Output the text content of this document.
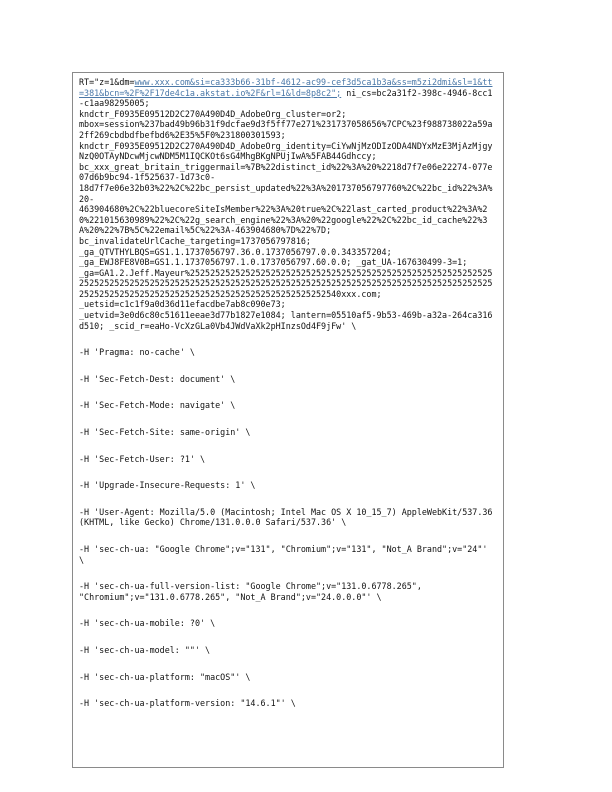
RT="z=1&dm=www.xxx.com&si=ca333b66-31bf-4612-ac99-cef3d5ca1b3a&ss=m5zi2dmi&sl=1&tt=381&bcn=%2F%2F17de4c1a.akstat.io%2F&rl=1&ld=8p8c2"; ni_cs=bc2a31f2-398c-4946-8cc1-c1aa98295005;
kndctr_F0935E09512D2C270A490D4D_AdobeOrg_cluster=or2;
mbox=session%237bad49b96b31f9dcfae9d3f5ff77e271%231737058656%7CPC%23f988738022a59a2ff269cbdbdfbefbd6%2E35%5F0%231800301593;
kndctr_F0935E09512D2C270A490D4D_AdobeOrg_identity=CiYwNjMzODIzODA4NDYxMzE3MjAzMjgyNzQ0OTAyNDcwMjcwNDM5M1IQCKOt6sG4MhgBKgNPUjIwA%5FAB44Gdhccy;
bc_xxx_great_britain_triggermail=%7B%22distinct_id%22%3A%20%2218d7f7e06e22274-077e07d6b9bc94-1f525637-1d73c0-
18d7f7e06e32b03%22%2C%22bc_persist_updated%22%3A%201737056797760%2C%22bc_id%22%3A%20-
463904680%2C%22bluecoreSiteIsMember%22%3A%20true%2C%22last_carted_product%22%3A%20%221015630989%22%2C%22g_search_engine%22%3A%20%22google%22%2C%22bc_id_cache%22%3A%20%22%7B%5C%22email%5C%22%3A-463904680%7D%22%7D;
bc_invalidateUrlCache_targeting=1737056797816;
_ga_QTVTHYLBQS=GS1.1.1737056797.36.0.1737056797.0.0.343357204;
_ga_EWJ8FE8V0B=GS1.1.1737056797.1.0.1737056797.60.0.0; _gat_UA-167630499-3=1;
_ga=GA1.2.Jeff.Mayeur%25252525252525252525252525252525252525252525252525252525252525252525252525252525252525252525252525252525252525252525252525252525252525252525252525252525252525252525252525252525252525252525252540xxx.com;
_uetsid=c1c1f9a0d36d11efacdbe7ab8c090e73;
_uetvid=3e0d6c80c51611eeae3d77b1827e1084; lantern=05510af5-9b53-469b-a32a-264ca316d510; _scid_r=eaHo-VcXzGLa0Vb4JWdVaXk2pHInzsOd4F9jFw' \
-H 'Pragma: no-cache' \
-H 'Sec-Fetch-Dest: document' \
-H 'Sec-Fetch-Mode: navigate' \
-H 'Sec-Fetch-Site: same-origin' \
-H 'Sec-Fetch-User: ?1' \
-H 'Upgrade-Insecure-Requests: 1' \
-H 'User-Agent: Mozilla/5.0 (Macintosh; Intel Mac OS X 10_15_7) AppleWebKit/537.36 (KHTML, like Gecko) Chrome/131.0.0.0 Safari/537.36' \
-H 'sec-ch-ua: "Google Chrome";v="131", "Chromium";v="131", "Not_A Brand";v="24"' \
-H 'sec-ch-ua-full-version-list: "Google Chrome";v="131.0.6778.265", "Chromium";v="131.0.6778.265", "Not_A Brand";v="24.0.0.0"' \
-H 'sec-ch-ua-mobile: ?0' \
-H 'sec-ch-ua-model: ""' \
-H 'sec-ch-ua-platform: "macOS"' \
-H 'sec-ch-ua-platform-version: "14.6.1"' \
